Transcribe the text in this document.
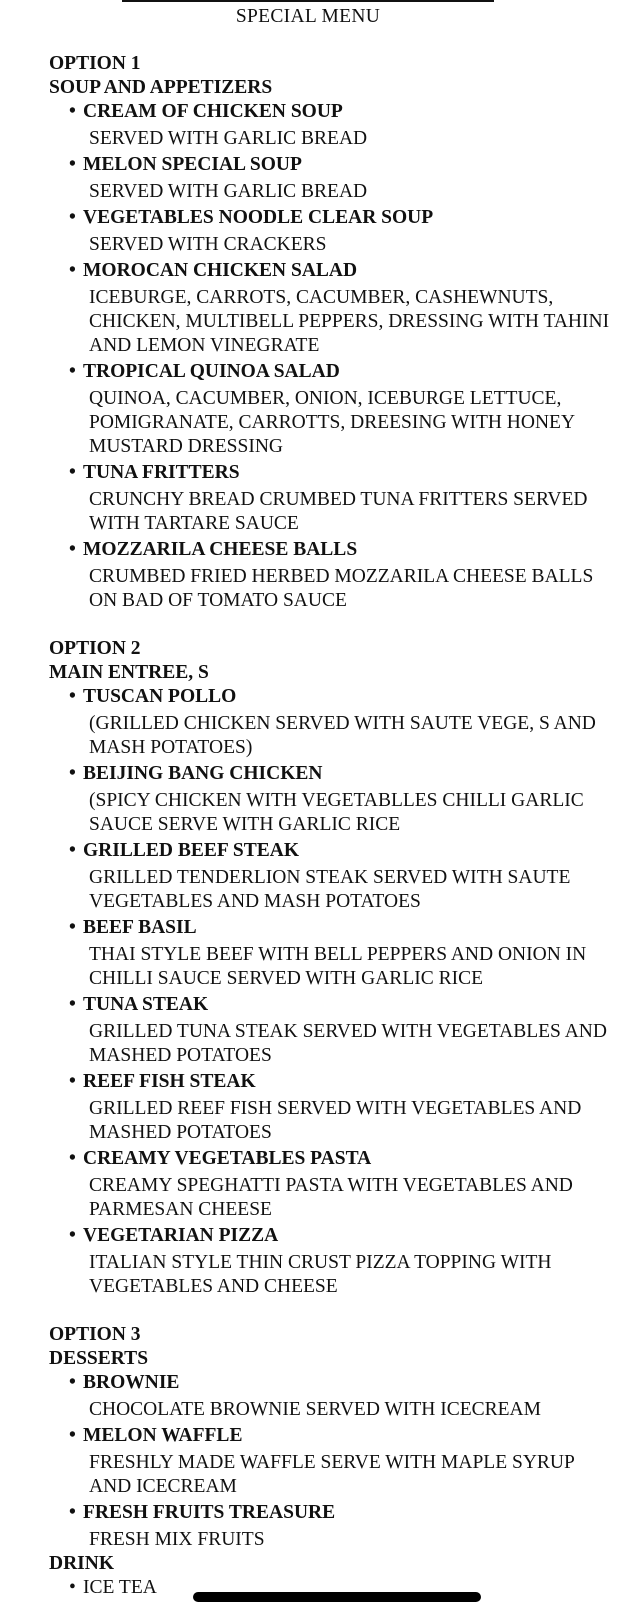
SPECIAL MENU
OPTION 1
SOUP AND APPETIZERS
• CREAM OF CHICKEN SOUP
SERVED WITH GARLIC BREAD
• MELON SPECIAL SOUP
SERVED WITH GARLIC BREAD
• VEGETABLES NOODLE CLEAR SOUP
SERVED WITH CRACKERS
• MOROCAN CHICKEN SALAD
ICEBURGE, CARROTS, CACUMBER, CASHEWNUTS, CHICKEN, MULTIBELL PEPPERS, DRESSING WITH TAHINI AND LEMON VINEGRATE
• TROPICAL QUINOA SALAD
QUINOA, CACUMBER, ONION, ICEBURGE LETTUCE, POMIGRANATE, CARROTTS, DREESING WITH HONEY MUSTARD DRESSING
• TUNA FRITTERS
CRUNCHY BREAD CRUMBED TUNA FRITTERS SERVED WITH TARTARE SAUCE
• MOZZARILA CHEESE BALLS
CRUMBED FRIED HERBED MOZZARILA CHEESE BALLS ON BAD OF TOMATO SAUCE
OPTION 2
MAIN ENTREE, S
• TUSCAN POLLO
(GRILLED CHICKEN SERVED WITH SAUTE VEGE, S AND MASH POTATOES)
• BEIJING BANG CHICKEN
(SPICY CHICKEN WITH VEGETABLLES CHILLI GARLIC SAUCE SERVE WITH GARLIC RICE
• GRILLED BEEF STEAK
GRILLED TENDERLION STEAK SERVED WITH SAUTE VEGETABLES AND MASH POTATOES
• BEEF BASIL
THAI STYLE BEEF WITH BELL PEPPERS AND ONION IN CHILLI SAUCE SERVED WITH GARLIC RICE
• TUNA STEAK
GRILLED TUNA STEAK SERVED WITH VEGETABLES AND MASHED POTATOES
• REEF FISH STEAK
GRILLED REEF FISH SERVED WITH VEGETABLES AND MASHED POTATOES
• CREAMY VEGETABLES PASTA
CREAMY SPEGHATTI PASTA WITH VEGETABLES AND PARMESAN CHEESE
• VEGETARIAN PIZZA
ITALIAN STYLE THIN CRUST PIZZA TOPPING WITH VEGETABLES AND CHEESE
OPTION 3
DESSERTS
• BROWNIE
CHOCOLATE BROWNIE SERVED WITH ICECREAM
• MELON WAFFLE
FRESHLY MADE WAFFLE SERVE WITH MAPLE SYRUP AND ICECREAM
• FRESH FRUITS TREASURE
FRESH MIX FRUITS
DRINK
• ICE TEA
